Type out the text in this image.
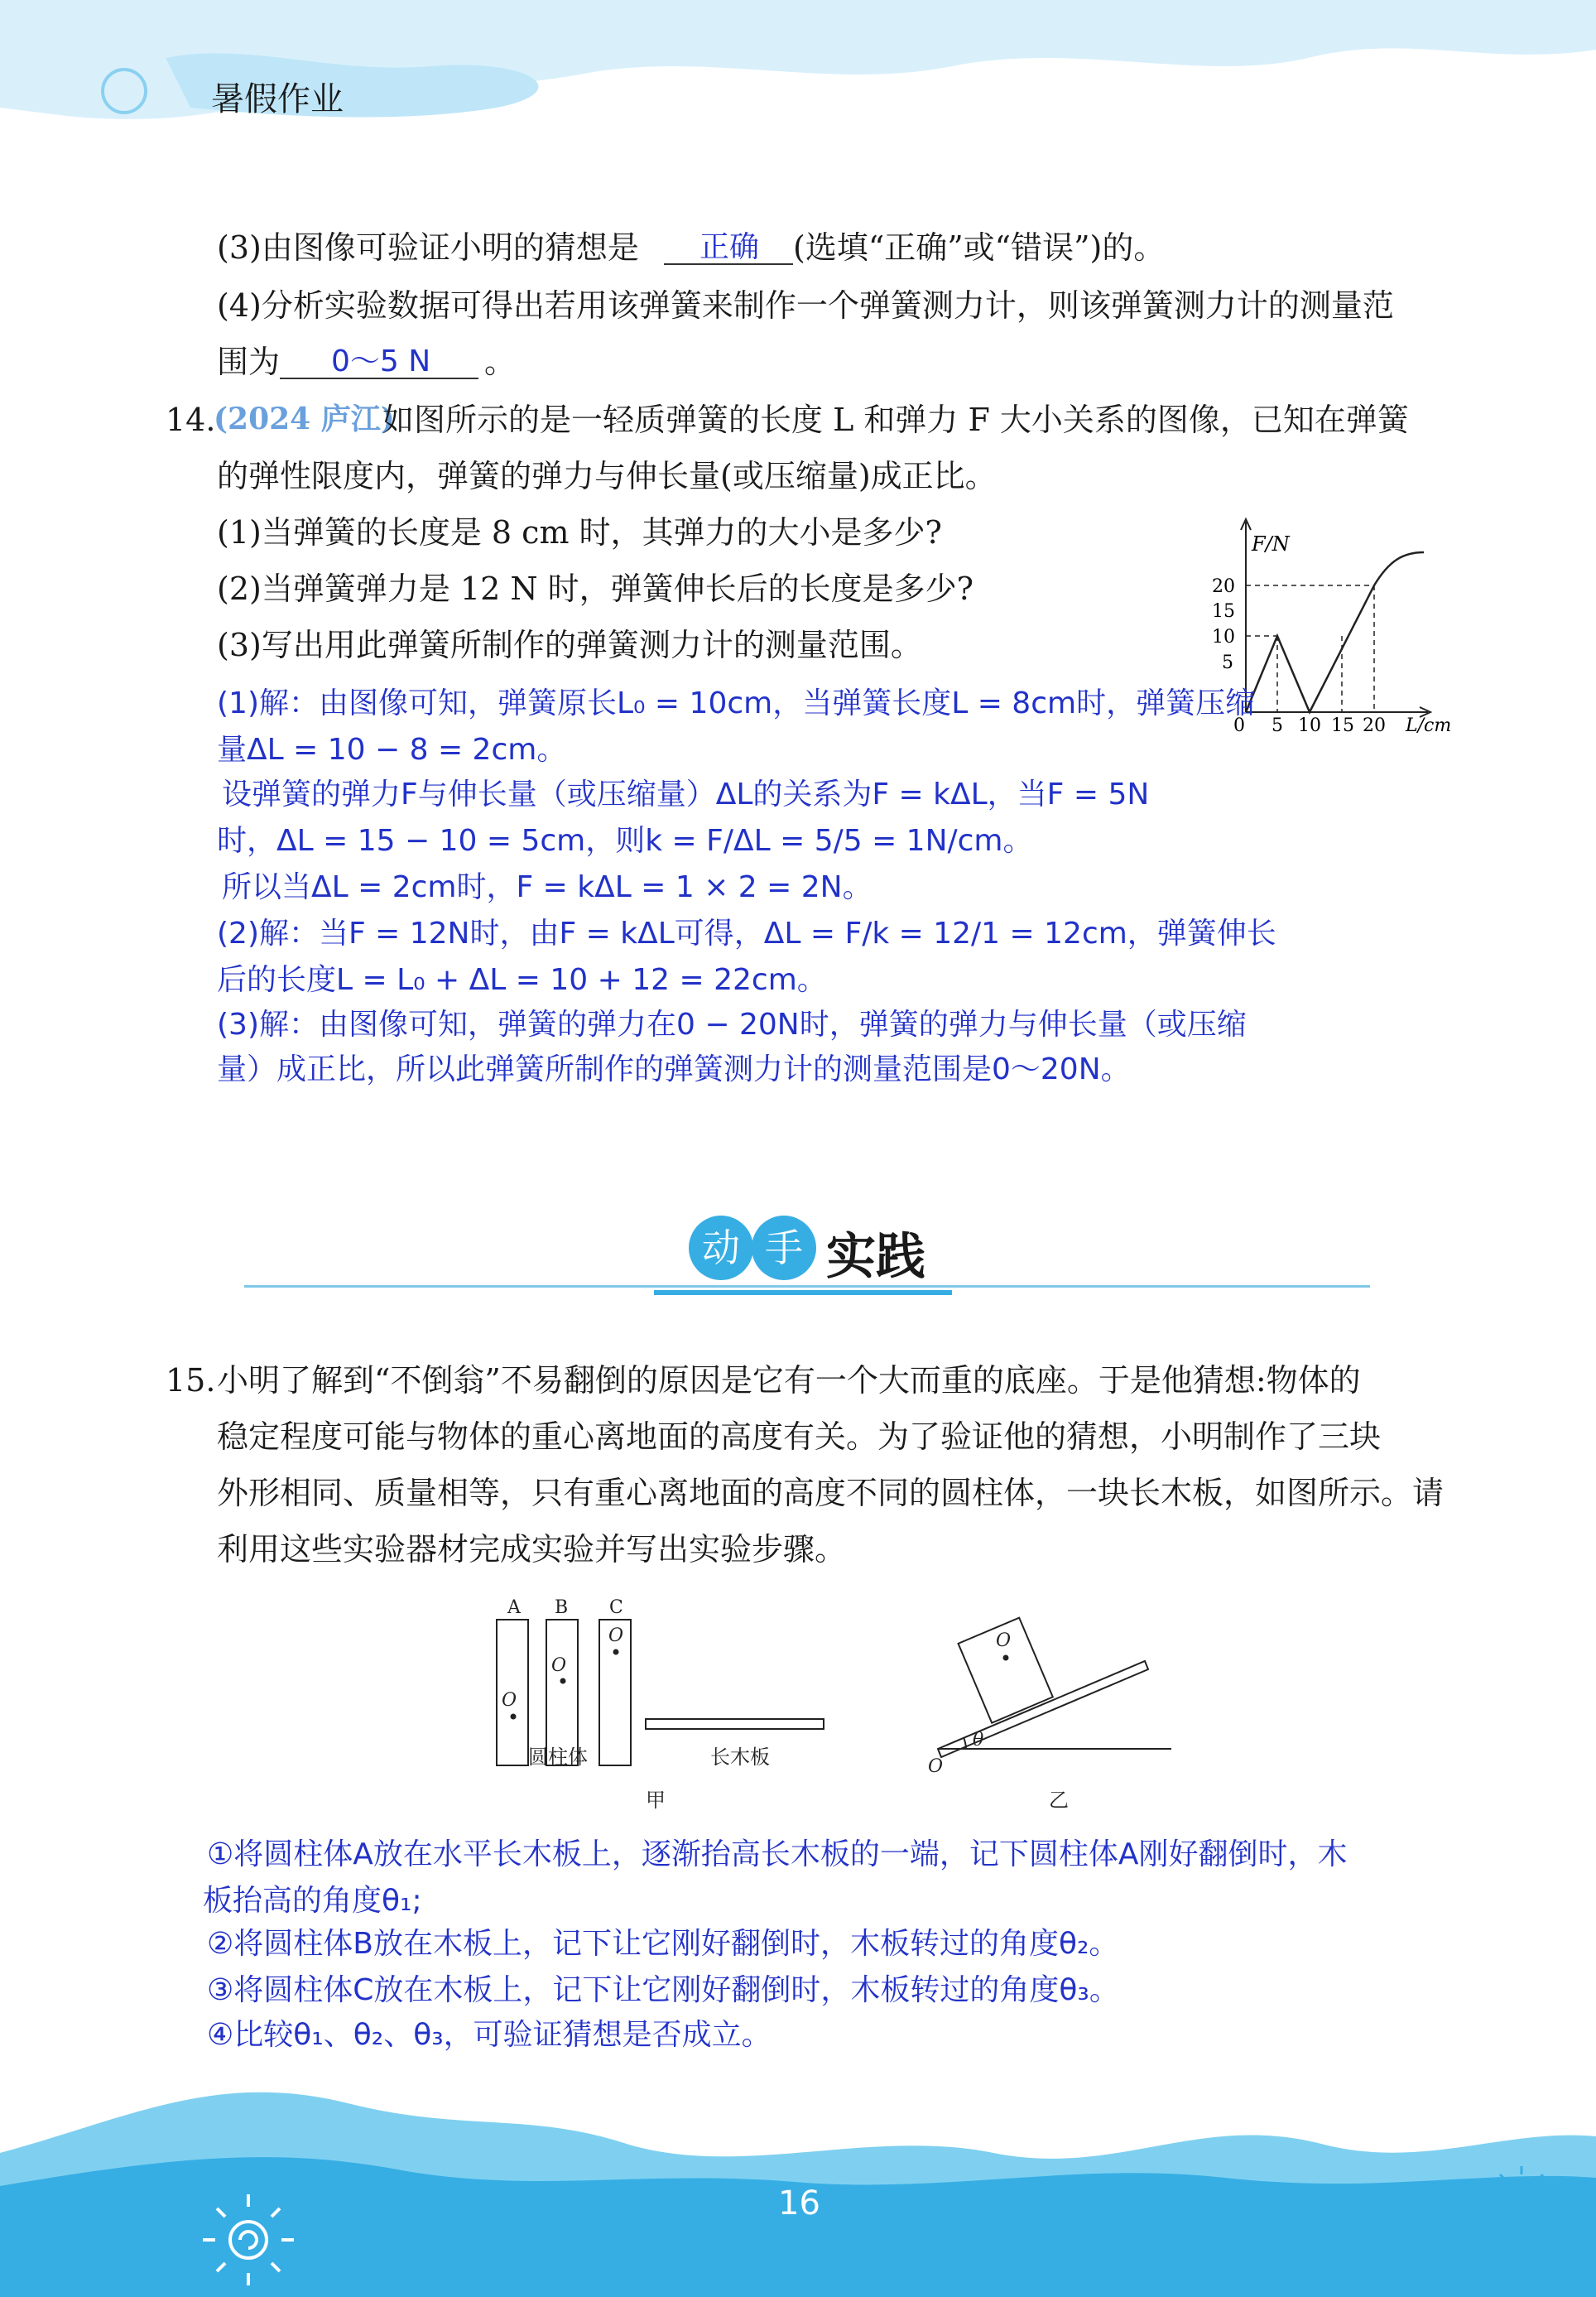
暑假作业
(3)由图像可验证小明的猜想是 正确 (选填“正确”或“错误”)的。
(4)分析实验数据可得出若用该弹簧来制作一个弹簧测力计，则该弹簧测力计的测量范
围为 0～5 N 。
14.
(2024 庐江)
如图所示的是一轻质弹簧的长度 L 和弹力 F 大小关系的图像，已知在弹簧
的弹性限度内，弹簧的弹力与伸长量(或压缩量)成正比。
(1)当弹簧的长度是 8 cm 时，其弹力的大小是多少?
(2)当弹簧弹力是 12 N 时，弹簧伸长后的长度是多少?
(3)写出用此弹簧所制作的弹簧测力计的测量范围。
F/N
20
15
10
5
0 5 10 15 20 L/cm
(1)解：由图像可知，弹簧原长L₀ = 10cm，当弹簧长度L = 8cm时，弹簧压缩
量ΔL = 10 − 8 = 2cm。
设弹簧的弹力F与伸长量（或压缩量）ΔL的关系为F = kΔL，当F = 5N
时，ΔL = 15 − 10 = 5cm，则k = F/ΔL = 5/5 = 1N/cm。
所以当ΔL = 2cm时，F = kΔL = 1 × 2 = 2N。
(2)解：当F = 12N时，由F = kΔL可得，ΔL = F/k = 12/1 = 12cm，弹簧伸长
后的长度L = L₀ + ΔL = 10 + 12 = 22cm。
(3)解：由图像可知，弹簧的弹力在0 − 20N时，弹簧的弹力与伸长量（或压缩
量）成正比，所以此弹簧所制作的弹簧测力计的测量范围是0～20N。
动 手 实践
15. 小明了解到“不倒翁”不易翻倒的原因是它有一个大而重的底座。于是他猜想:物体的
稳定程度可能与物体的重心离地面的高度有关。为了验证他的猜想，小明制作了三块
外形相同、质量相等，只有重心离地面的高度不同的圆柱体，一块长木板，如图所示。请
利用这些实验器材完成实验并写出实验步骤。
A B C
O
O
O
圆柱体	长木板
甲
O
O
θ
乙
①将圆柱体A放在水平长木板上，逐渐抬高长木板的一端，记下圆柱体A刚好翻倒时，木
板抬高的角度θ₁;
②将圆柱体B放在木板上，记下让它刚好翻倒时，木板转过的角度θ₂。
③将圆柱体C放在木板上，记下让它刚好翻倒时，木板转过的角度θ₃。
④比较θ₁、θ₂、θ₃，可验证猜想是否成立。
16
